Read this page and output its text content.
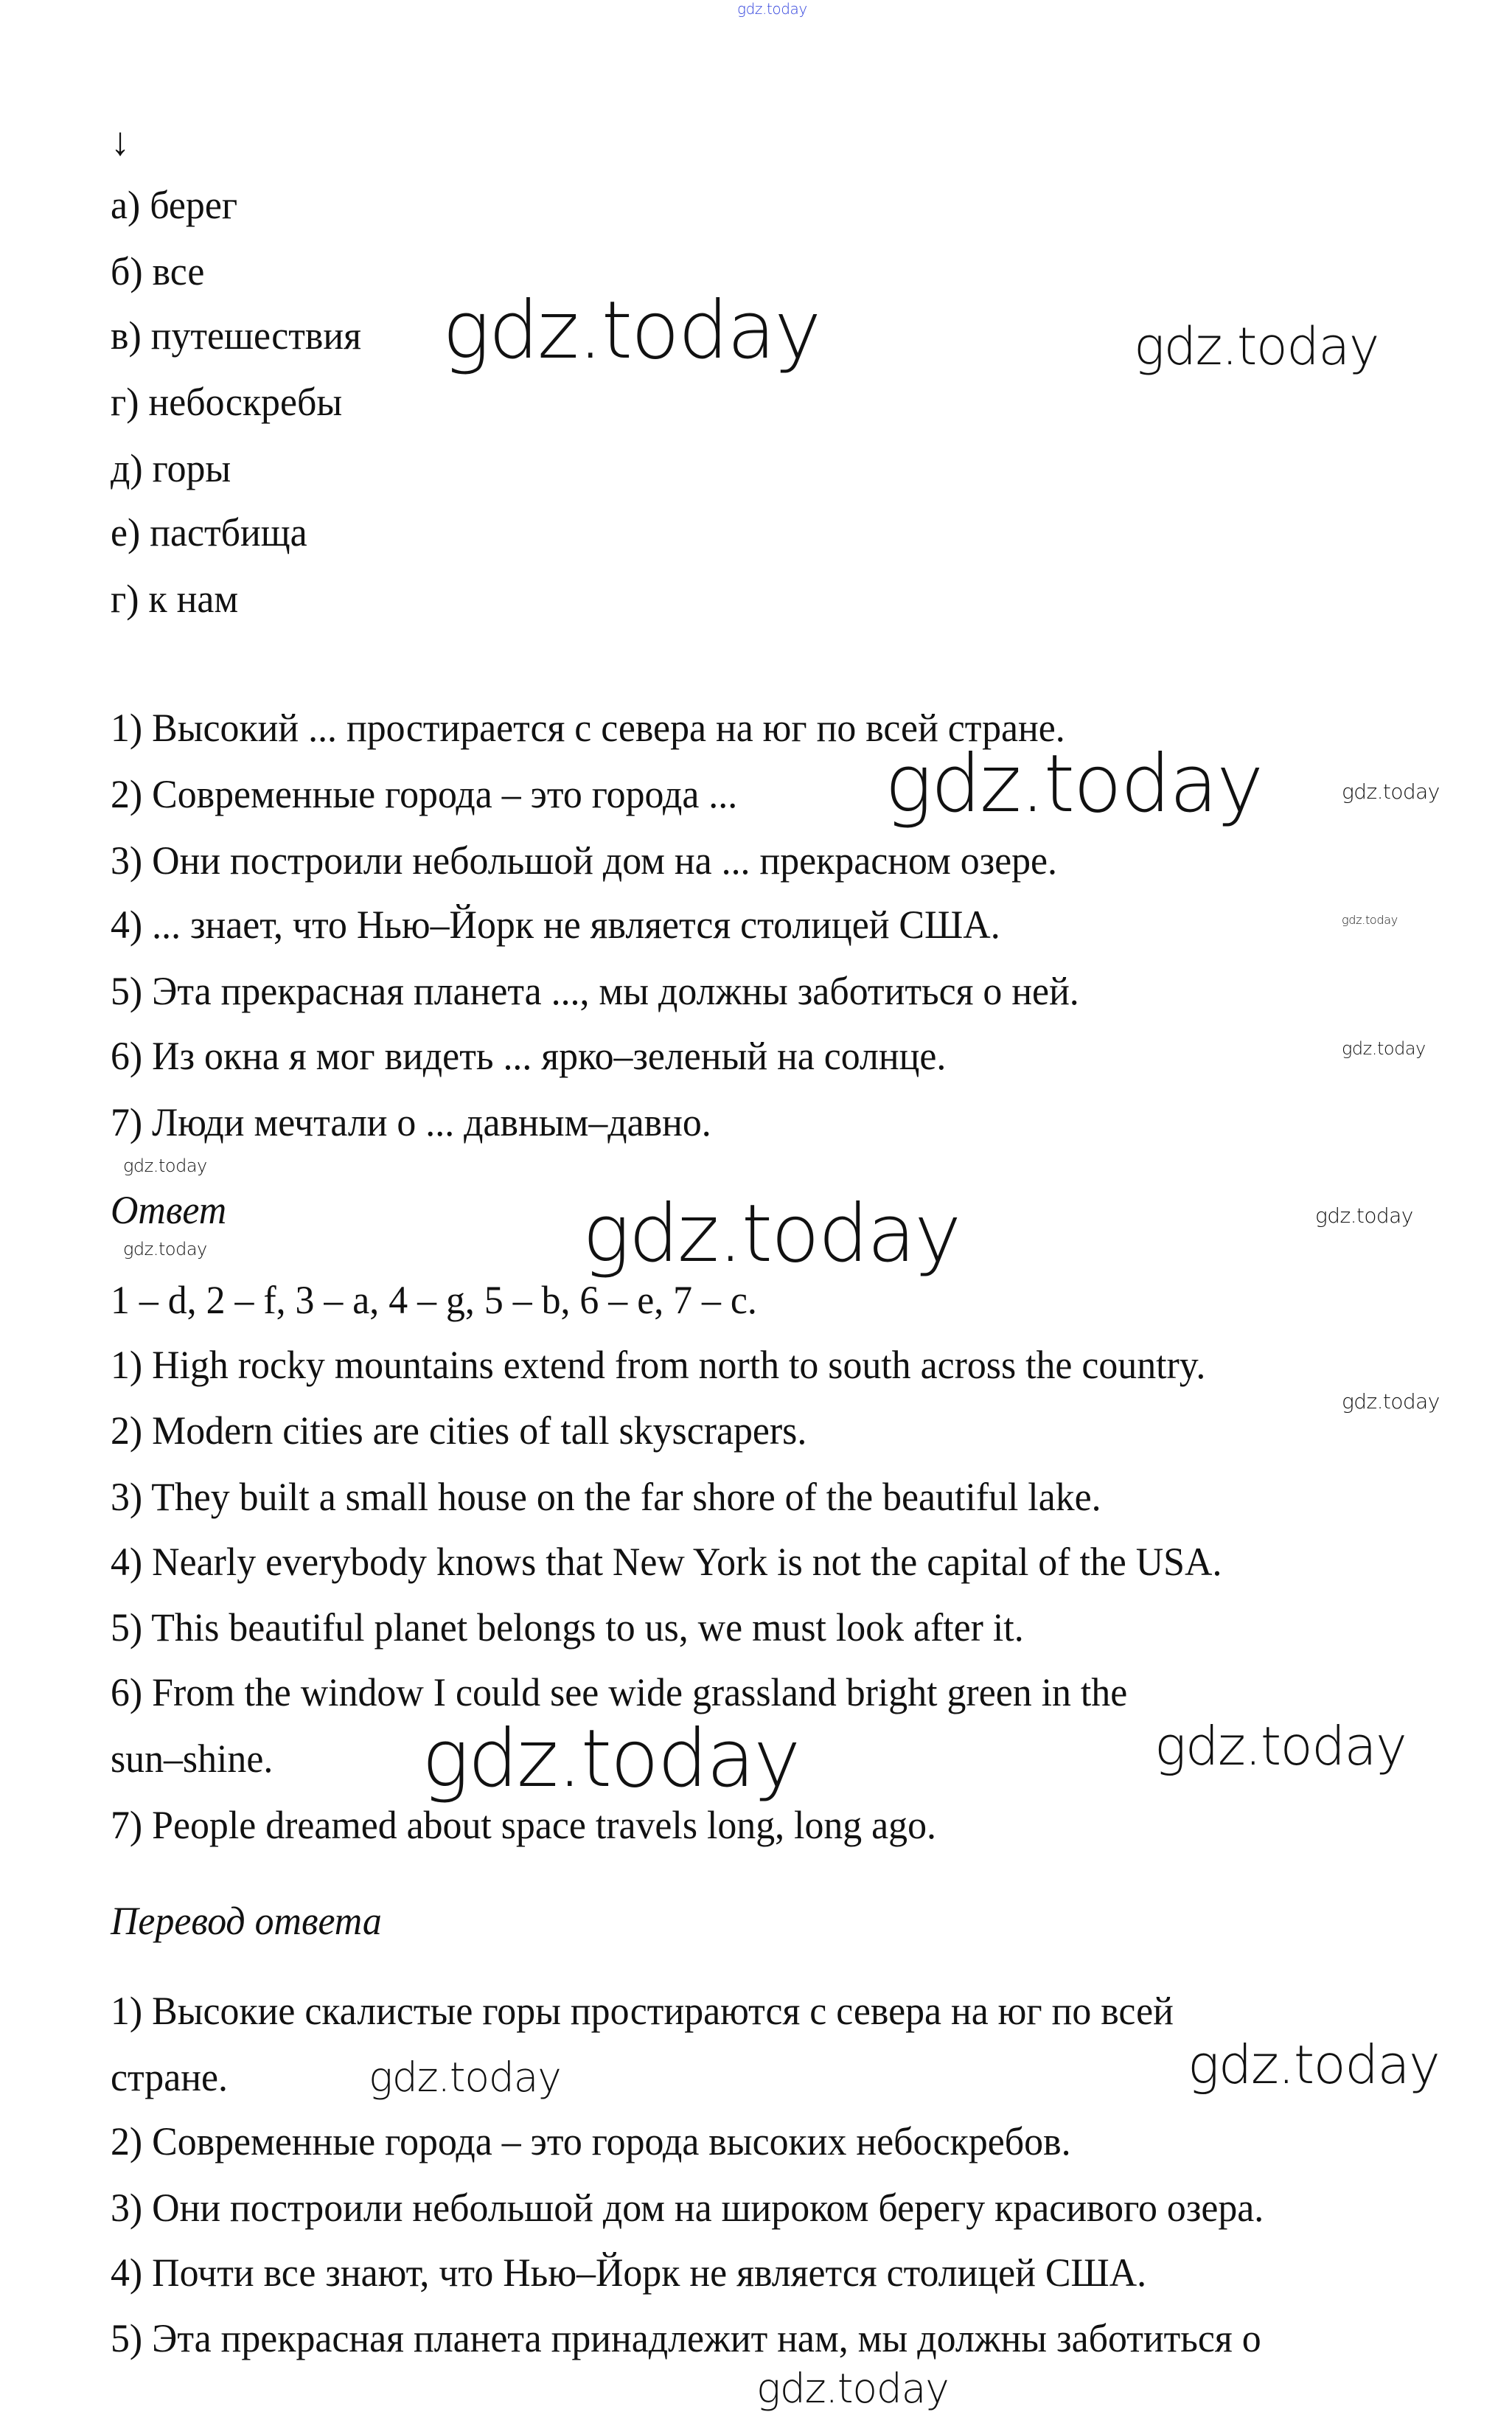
gdz.today
↓
а) берег
б) все
в) путешествия
г) небоскребы
д) горы
е) пастбища
г) к нам
1) Высокий ... простирается с севера на юг по всей стране.
2) Современные города – это города ...
3) Они построили небольшой дом на ... прекрасном озере.
4) ... знает, что Нью–Йорк не является столицей США.
5) Эта прекрасная планета ..., мы должны заботиться о ней.
6) Из окна я мог видеть ... ярко–зеленый на солнце.
7) Люди мечтали о ... давным–давно.
Ответ
1 – d, 2 – f, 3 – a, 4 – g, 5 – b, 6 – e, 7 – c.
1) High rocky mountains extend from north to south across the country.
2) Modern cities are cities of tall skyscrapers.
3) They built a small house on the far shore of the beautiful lake.
4) Nearly everybody knows that New York is not the capital of the USA.
5) This beautiful planet belongs to us, we must look after it.
6) From the window I could see wide grassland bright green in the
sun–shine.
7) People dreamed about space travels long, long ago.
Перевод ответа
1) Высокие скалистые горы простираются с севера на юг по всей
стране.
2) Современные города – это города высоких небоскребов.
3) Они построили небольшой дом на широком берегу красивого озера.
4) Почти все знают, что Нью–Йорк не является столицей США.
5) Эта прекрасная планета принадлежит нам, мы должны заботиться о
gdz.today	gdz.today
gdz.today
gdz.today
gdz.today
gdz.today
gdz.today
gdz.today	gdz.today
gdz.today
gdz.today
gdz.today	gdz.today
gdz.today
gdz.today
gdz.today
